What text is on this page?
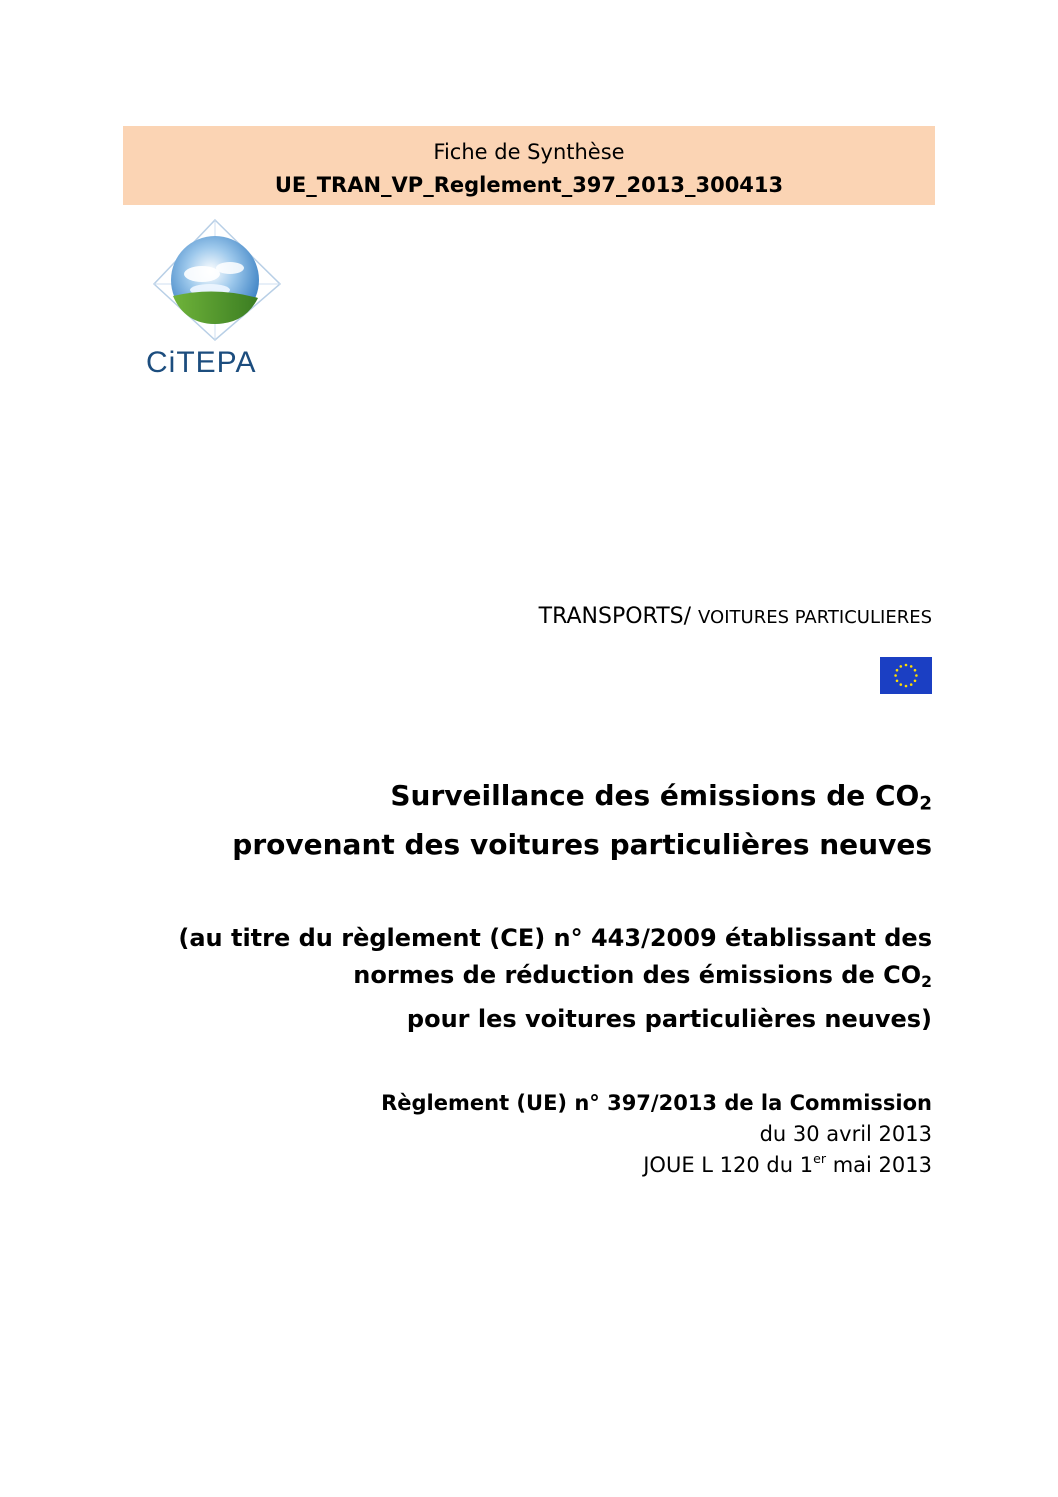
Fiche de Synthèse
UE_TRAN_VP_Reglement_397_2013_300413
CiTEPA
TRANSPORTS/ VOITURES PARTICULIERES
Surveillance des émissions de $CO_2$
provenant des voitures particulières neuves
(au titre du règlement (CE) n° 443/2009 établissant des
normes de réduction des émissions de $CO_2$
pour les voitures particulières neuves)
Règlement (UE) n° 397/2013 de la Commission
du 30 avril 2013
JOUE L 120 du 1er mai 2013
